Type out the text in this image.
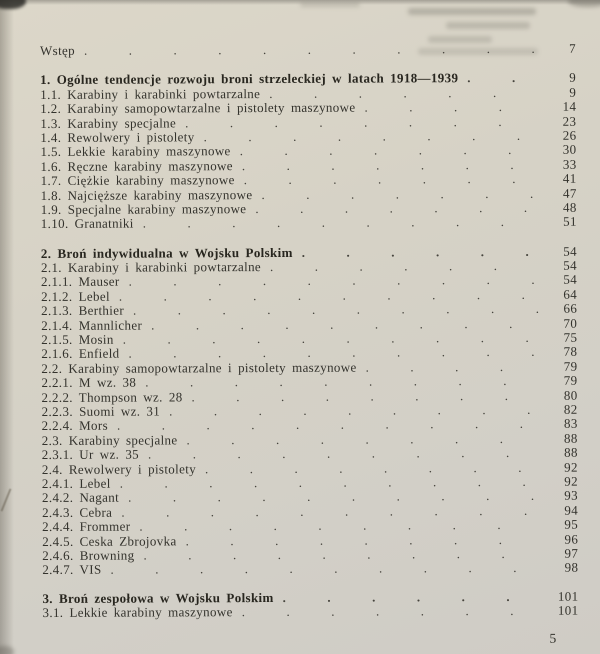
Wstęp .	7
1. Ogólne tendencje rozwoju broni strzeleckiej w latach 1918—1939 .	9
1.1. Karabiny i karabinki powtarzalne .	9
1.2. Karabiny samopowtarzalne i pistolety maszynowe .	14
1.3. Karabiny specjalne .	23
1.4. Rewolwery i pistolety .	26
1.5. Lekkie karabiny maszynowe .	30
1.6. Ręczne karabiny maszynowe .	33
1.7. Ciężkie karabiny maszynowe .	41
1.8. Najcięższe karabiny maszynowe .	47
1.9. Specjalne karabiny maszynowe .	48
1.10. Granatniki .	51
2. Broń indywidualna w Wojsku Polskim .	54
2.1. Karabiny i karabinki powtarzalne .	54
2.1.1. Mauser .	54
2.1.2. Lebel .	64
2.1.3. Berthier .	66
2.1.4. Mannlicher .	70
2.1.5. Mosin .	75
2.1.6. Enfield .	78
2.2. Karabiny samopowtarzalne i pistolety maszynowe .	79
2.2.1. M wz. 38 .	79
2.2.2. Thompson wz. 28 .	80
2.2.3. Suomi wz. 31 .	82
2.2.4. Mors .	83
2.3. Karabiny specjalne .	88
2.3.1. Ur wz. 35 .	88
2.4. Rewolwery i pistolety .	92
2.4.1. Lebel .	92
2.4.2. Nagant .	93
2.4.3. Cebra .	94
2.4.4. Frommer .	95
2.4.5. Ceska Zbrojovka .	96
2.4.6. Browning .	97
2.4.7. VIS .	98
3. Broń zespołowa w Wojsku Polskim .	101
3.1. Lekkie karabiny maszynowe .	101
5
